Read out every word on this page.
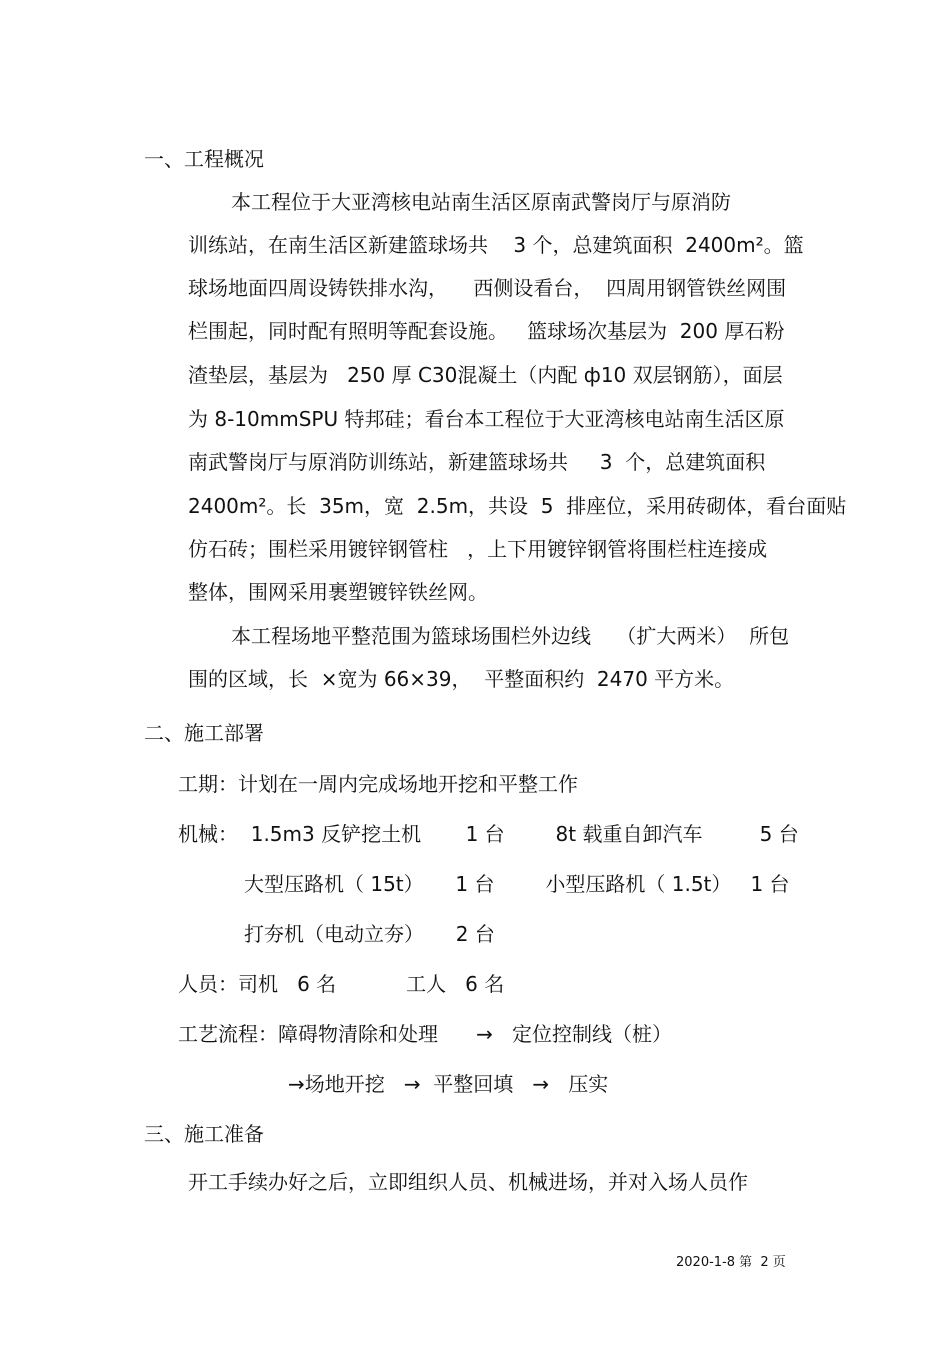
一、工程概况
本工程位于大亚湾核电站南生活区原南武警岗厅与原消防
训练站，在南生活区新建篮球场共    3 个，总建筑面积  2400m²。篮
球场地面四周设铸铁排水沟，    西侧设看台，  四周用钢管铁丝网围
栏围起，同时配有照明等配套设施。   篮球场次基层为  200 厚石粉
渣垫层，基层为   250 厚 C30混凝土（内配 ф10 双层钢筋），面层
为 8-10mmSPU 特邦硅；看台本工程位于大亚湾核电站南生活区原
南武警岗厅与原消防训练站，新建篮球场共     3  个，总建筑面积
2400m²。长  35m，宽  2.5m，共设  5  排座位，采用砖砌体，看台面贴
仿石砖；围栏采用镀锌钢管柱   ，上下用镀锌钢管将围栏柱连接成
整体，围网采用裹塑镀锌铁丝网。
本工程场地平整范围为篮球场围栏外边线    （扩大两米）  所包
围的区域，长  ×宽为 66×39，  平整面积约  2470 平方米。
二、施工部署
工期：计划在一周内完成场地开挖和平整工作
机械：  1.5m3 反铲挖土机       1 台        8t 载重自卸汽车         5 台
大型压路机（ 15t）     1 台        小型压路机（ 1.5t）   1 台
打夯机（电动立夯）     2 台
人员：司机   6 名           工人   6 名
工艺流程：障碍物清除和处理      →   定位控制线（桩）
→场地开挖   →  平整回填   →   压实
三、施工准备
开工手续办好之后，立即组织人员、机械进场，并对入场人员作
2020-1-8 第  2 页
